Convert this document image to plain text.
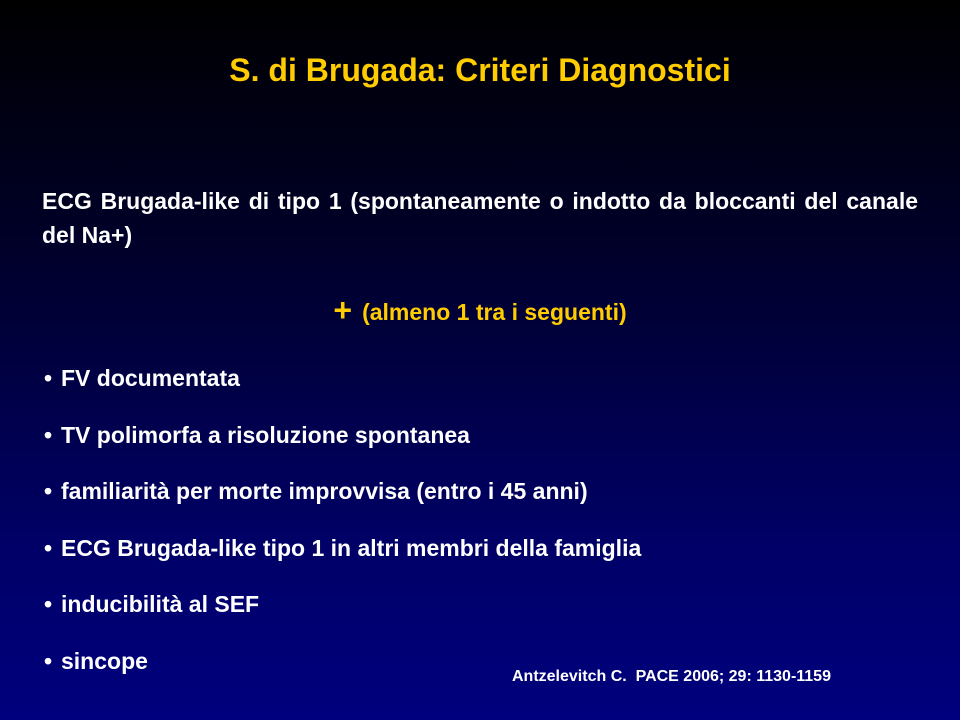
S. di Brugada: Criteri Diagnostici

ECG Brugada-like di tipo 1 (spontaneamente o indotto da bloccanti del canale del Na+)

+ (almeno 1 tra i seguenti)

• FV documentata
• TV polimorfa a risoluzione spontanea
• familiarità per morte improvvisa (entro i 45 anni)
• ECG Brugada-like tipo 1 in altri membri della famiglia
• inducibilità al SEF
• sincope

Antzelevitch C.  PACE 2006; 29: 1130-1159
